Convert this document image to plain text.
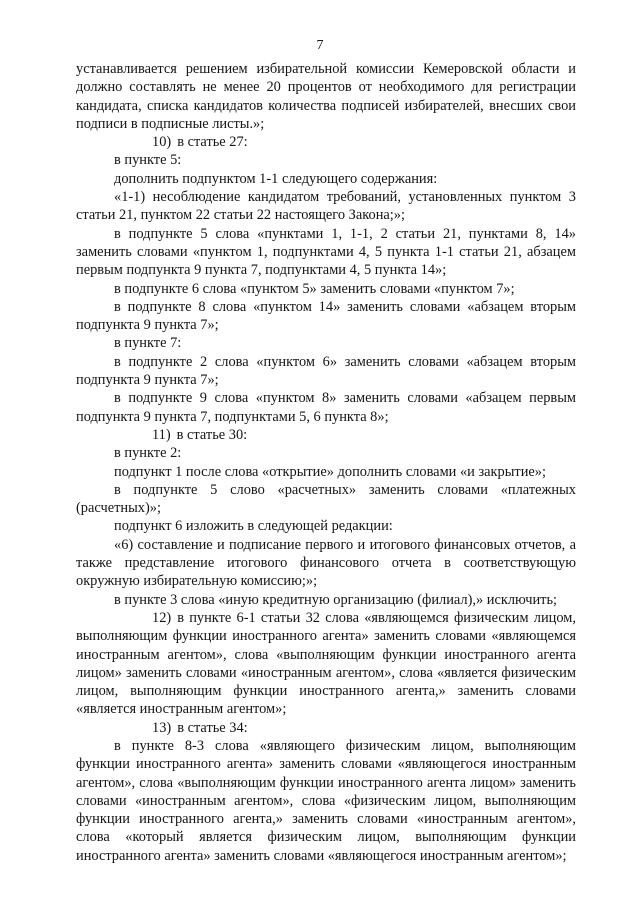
7

устанавливается решением избирательной комиссии Кемеровской области и должно составлять не менее 20 процентов от необходимого для регистрации кандидата, списка кандидатов количества подписей избирателей, внесших свои подписи в подписные листы.»;

10) в статье 27:

в пункте 5:

дополнить подпунктом 1-1 следующего содержания:

«1-1) несоблюдение кандидатом требований, установленных пунктом 3 статьи 21, пунктом 22 статьи 22 настоящего Закона;»;

в подпункте 5 слова «пунктами 1, 1-1, 2 статьи 21, пунктами 8, 14» заменить словами «пунктом 1, подпунктами 4, 5 пункта 1-1 статьи 21, абзацем первым подпункта 9 пункта 7, подпунктами 4, 5 пункта 14»;

в подпункте 6 слова «пунктом 5» заменить словами «пунктом 7»;

в подпункте 8 слова «пунктом 14» заменить словами «абзацем вторым подпункта 9 пункта 7»;

в пункте 7:

в подпункте 2 слова «пунктом 6» заменить словами «абзацем вторым подпункта 9 пункта 7»;

в подпункте 9 слова «пунктом 8» заменить словами «абзацем первым подпункта 9 пункта 7, подпунктами 5, 6 пункта 8»;

11) в статье 30:

в пункте 2:

подпункт 1 после слова «открытие» дополнить словами «и закрытие»;

в подпункте 5 слово «расчетных» заменить словами «платежных (расчетных)»;

подпункт 6 изложить в следующей редакции:

«6) составление и подписание первого и итогового финансовых отчетов, а также представление итогового финансового отчета в соответствующую окружную избирательную комиссию;»;

в пункте 3 слова «иную кредитную организацию (филиал),» исключить;

12) в пункте 6-1 статьи 32 слова «являющемся физическим лицом, выполняющим функции иностранного агента» заменить словами «являющемся иностранным агентом», слова «выполняющим функции иностранного агента лицом» заменить словами «иностранным агентом», слова «является физическим лицом, выполняющим функции иностранного агента,» заменить словами «является иностранным агентом»;

13) в статье 34:

в пункте 8-3 слова «являющего физическим лицом, выполняющим функции иностранного агента» заменить словами «являющегося иностранным агентом», слова «выполняющим функции иностранного агента лицом» заменить словами «иностранным агентом», слова «физическим лицом, выполняющим функции иностранного агента,» заменить словами «иностранным агентом», слова «который является физическим лицом, выполняющим функции иностранного агента» заменить словами «являющегося иностранным агентом»;
